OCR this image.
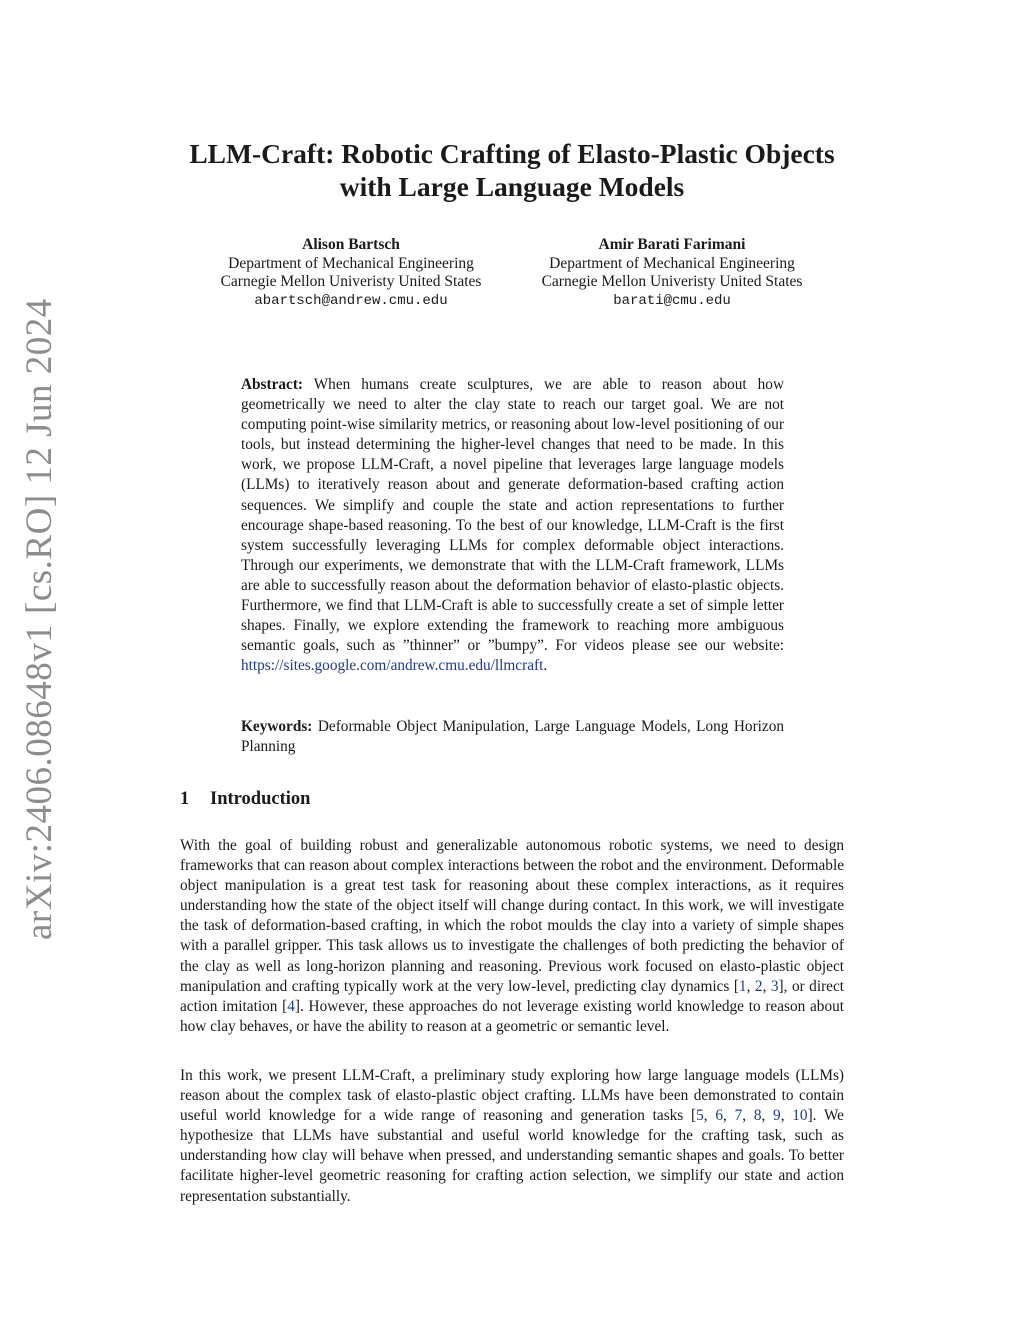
arXiv:2406.08648v1 [cs.RO] 12 Jun 2024
LLM-Craft: Robotic Crafting of Elasto-Plastic Objects with Large Language Models
Alison Bartsch
Department of Mechanical Engineering
Carnegie Mellon Univeristy United States
abartsch@andrew.cmu.edu
Amir Barati Farimani
Department of Mechanical Engineering
Carnegie Mellon Univeristy United States
barati@cmu.edu

Abstract: When humans create sculptures, we are able to reason about how geometrically we need to alter the clay state to reach our target goal. We are not computing point-wise similarity metrics, or reasoning about low-level positioning of our tools, but instead determining the higher-level changes that need to be made. In this work, we propose LLM-Craft, a novel pipeline that leverages large language models (LLMs) to iteratively reason about and generate deformation-based crafting action sequences. We simplify and couple the state and action representations to further encourage shape-based reasoning. To the best of our knowledge, LLM-Craft is the first system successfully leveraging LLMs for complex deformable object interactions. Through our experiments, we demonstrate that with the LLM-Craft framework, LLMs are able to successfully reason about the deformation behavior of elasto-plastic objects. Furthermore, we find that LLM-Craft is able to successfully create a set of simple letter shapes. Finally, we explore extending the framework to reaching more ambiguous semantic goals, such as ”thinner” or ”bumpy”. For videos please see our website: https://sites.google.com/andrew.cmu.edu/llmcraft.

Keywords: Deformable Object Manipulation, Large Language Models, Long Horizon Planning

1 Introduction

With the goal of building robust and generalizable autonomous robotic systems, we need to design frameworks that can reason about complex interactions between the robot and the environment. Deformable object manipulation is a great test task for reasoning about these complex interactions, as it requires understanding how the state of the object itself will change during contact. In this work, we will investigate the task of deformation-based crafting, in which the robot moulds the clay into a variety of simple shapes with a parallel gripper. This task allows us to investigate the challenges of both predicting the behavior of the clay as well as long-horizon planning and reasoning. Previous work focused on elasto-plastic object manipulation and crafting typically work at the very low-level, predicting clay dynamics [1, 2, 3], or direct action imitation [4]. However, these approaches do not leverage existing world knowledge to reason about how clay behaves, or have the ability to reason at a geometric or semantic level.

In this work, we present LLM-Craft, a preliminary study exploring how large language models (LLMs) reason about the complex task of elasto-plastic object crafting. LLMs have been demonstrated to contain useful world knowledge for a wide range of reasoning and generation tasks [5, 6, 7, 8, 9, 10]. We hypothesize that LLMs have substantial and useful world knowledge for the crafting task, such as understanding how clay will behave when pressed, and understanding semantic shapes and goals. To better facilitate higher-level geometric reasoning for crafting action selection, we simplify our state and action representation substantially.
